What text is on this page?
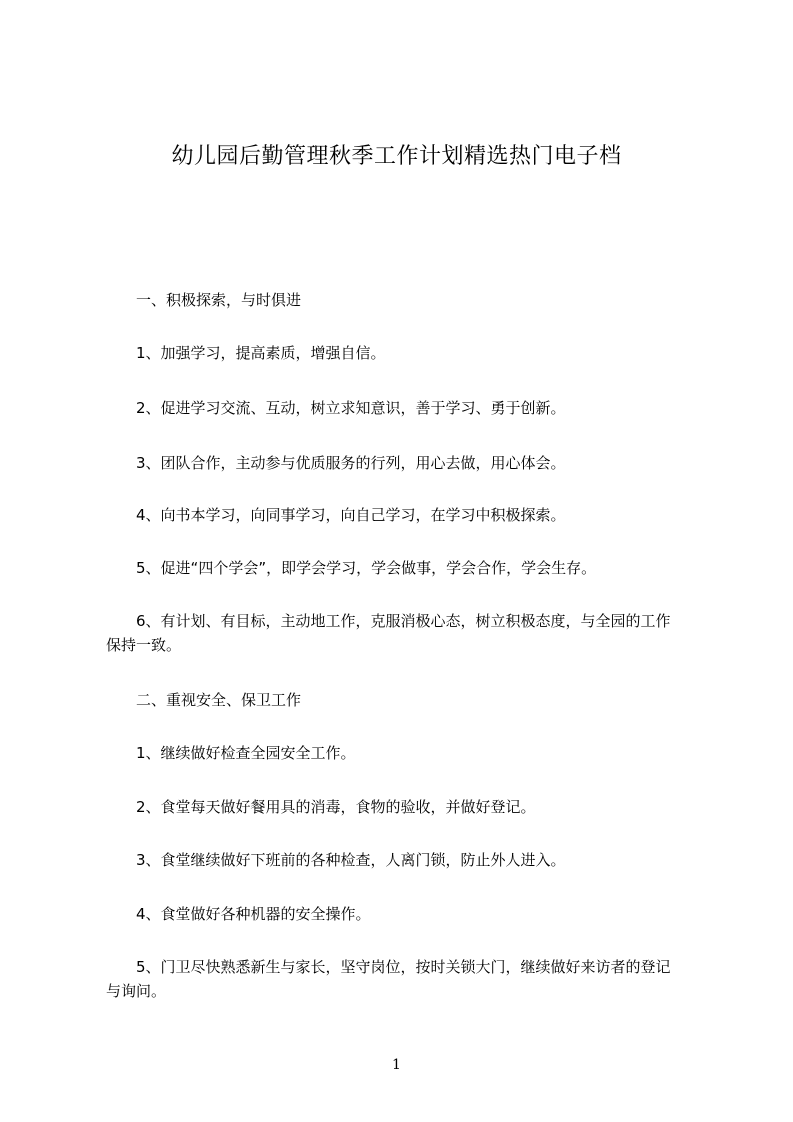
幼儿园后勤管理秋季工作计划精选热门电子档
一、积极探索，与时俱进
1、加强学习，提高素质，增强自信。
2、促进学习交流、互动，树立求知意识，善于学习、勇于创新。
3、团队合作，主动参与优质服务的行列，用心去做，用心体会。
4、向书本学习，向同事学习，向自己学习，在学习中积极探索。
5、促进“四个学会”，即学会学习，学会做事，学会合作，学会生存。
6、有计划、有目标，主动地工作，克服消极心态，树立积极态度，与全园的工作
保持一致。
二、重视安全、保卫工作
1、继续做好检查全园安全工作。
2、食堂每天做好餐用具的消毒，食物的验收，并做好登记。
3、食堂继续做好下班前的各种检查，人离门锁，防止外人进入。
4、食堂做好各种机器的安全操作。
5、门卫尽快熟悉新生与家长，坚守岗位，按时关锁大门，继续做好来访者的登记
与询问。
1
